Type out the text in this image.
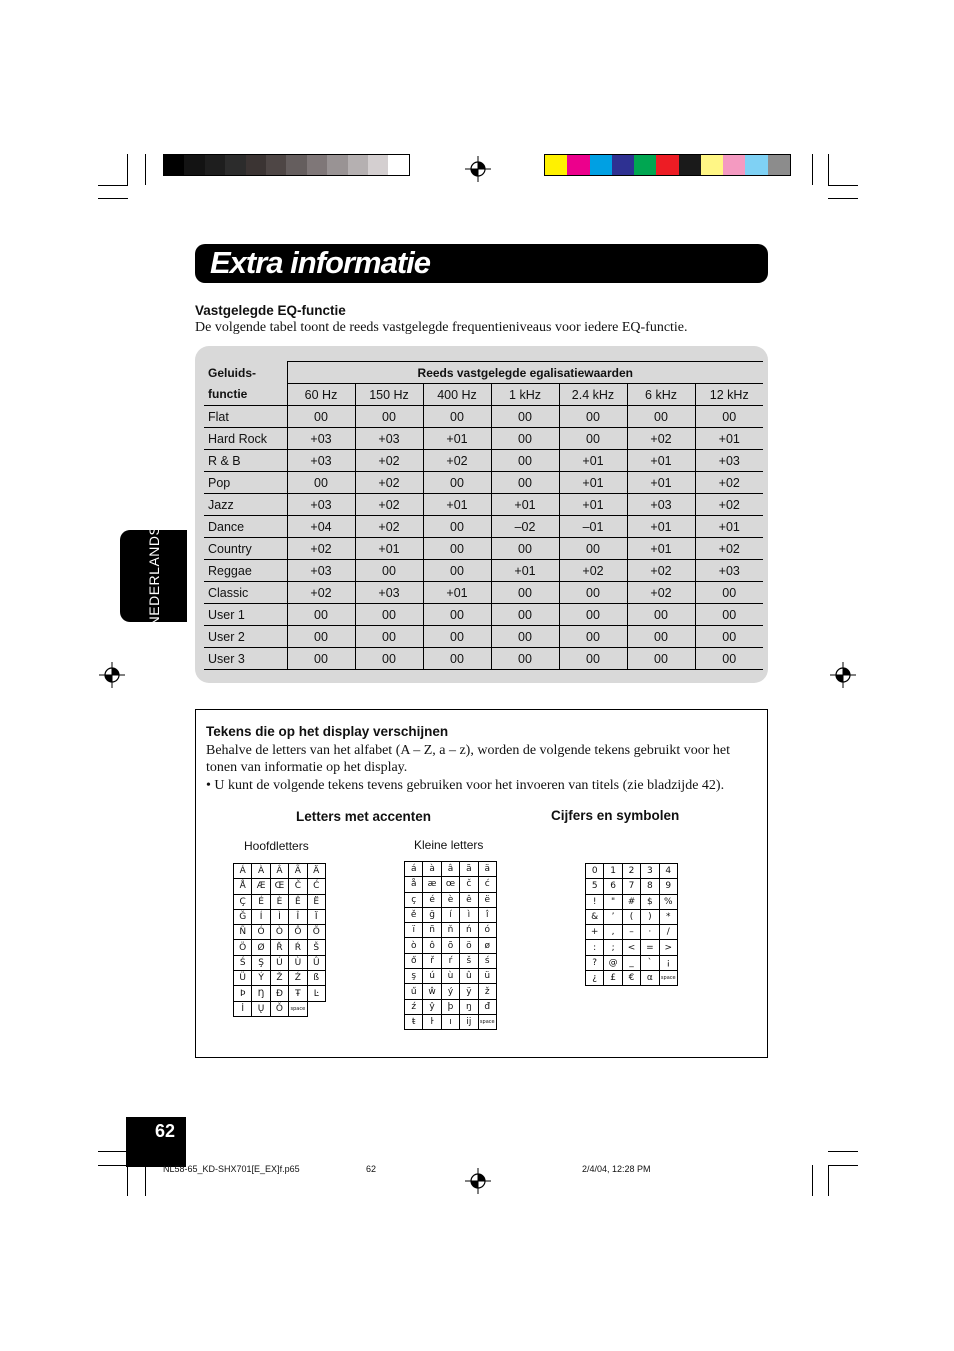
Extra informatie
Vastgelegde EQ-functie
De volgende tabel toont de reeds vastgelegde frequentieniveaus voor iedere EQ-functie.
Geluids-	Reeds vastgelegde egalisatiewaarden						
functie	60 Hz	150 Hz	400 Hz	1 kHz	2.4 kHz	6 kHz	12 kHz
Flat	00	00	00	00	00	00	00
Hard Rock	+03	+03	+01	00	00	+02	+01
R & B	+03	+02	+02	00	+01	+01	+03
Pop	00	+02	00	00	+01	+01	+02
Jazz	+03	+02	+01	+01	+01	+03	+02
Dance	+04	+02	00	–02	–01	+01	+01
Country	+02	+01	00	00	00	+01	+02
Reggae	+03	00	00	+01	+02	+02	+03
Classic	+02	+03	+01	00	00	+02	00
User 1	00	00	00	00	00	00	00
User 2	00	00	00	00	00	00	00
User 3	00	00	00	00	00	00	00
NEDERLANDS
Tekens die op het display verschijnen
Behalve de letters van het alfabet (A – Z, a – z), worden de volgende tekens gebruikt voor het tonen van informatie op het display.
• U kunt de volgende tekens tevens gebruiken voor het invoeren van titels (zie bladzijde 42).
Letters met accenten	Cijfers en symbolen
Hoofdletters	Kleine letters
Á	À	Â	Ã	Ä
Å	Æ	Œ	Č	Ć
Ç	É	È	Ê	Ë
Ğ	Í	Ì	Î	Ï
Ñ	Ó	Ò	Ô	Õ
Ö	Ø	Ř	Ŕ	Š
Ś	Ş	Ú	Ù	Û
Ü	Ý	Ž	Ź	ß
Þ	Ŋ	Đ	Ŧ	Ŀ
İ	Ų	Ǒ	space	
á	à	â	ã	ä
å	æ	œ	č	ć
ç	é	è	ê	ë
ě	ğ	í	ì	î
ï	ñ	ň	ń	ó
ò	ô	õ	ö	ø
ő	ř	ŕ	š	ś
ş	ú	ù	û	ü
ű	ŵ	ý	ÿ	ž
ź	ŷ	þ	ŋ	đ
ŧ	ŀ	ı	ĳ	space
0	1	2	3	4
5	6	7	8	9
!	"	#	$	%
&	’	(	)	*
+	,	–	·	/
:	;	<	=	>
?	@	_	`	¡
¿	£	€	α	space
62
NL58-65_KD-SHX701[E_EX]f.p65	62	2/4/04, 12:28 PM
